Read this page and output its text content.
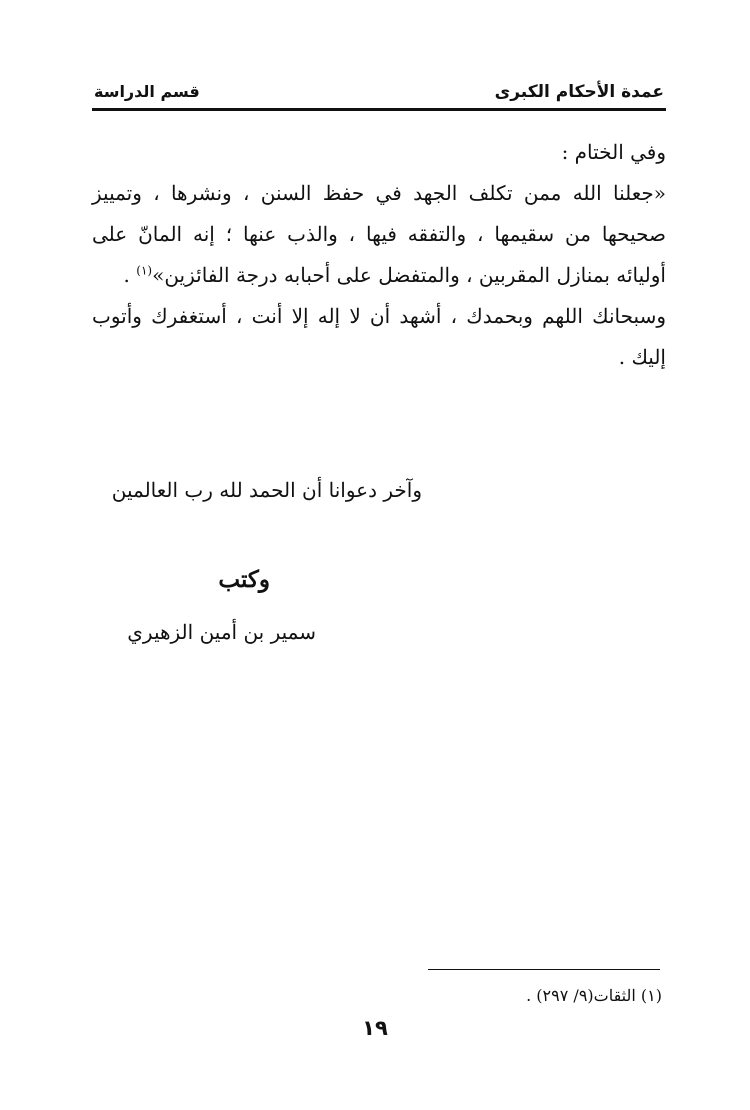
عمدة الأحكام الكبرى
قسم الدراسة

وفي الختام :

«جعلنا الله ممن تكلف الجهد في حفظ السنن ، ونشرها ، وتمييز صحيحها من سقيمها ، والتفقه فيها ، والذب عنها ؛ إنه المانّ على أوليائه بمنازل المقربين ، والمتفضل على أحبابه درجة الفائزين»$^{(١)}$ .

وسبحانك اللهم وبحمدك ، أشهد أن لا إله إلا أنت ، أستغفرك وأتوب إليك .

وآخر دعوانا أن الحمد لله رب العالمين
وكتب
سمير بن أمين الزهيري
(١) الثقات(٩/ ٢٩٧) .
١٩
